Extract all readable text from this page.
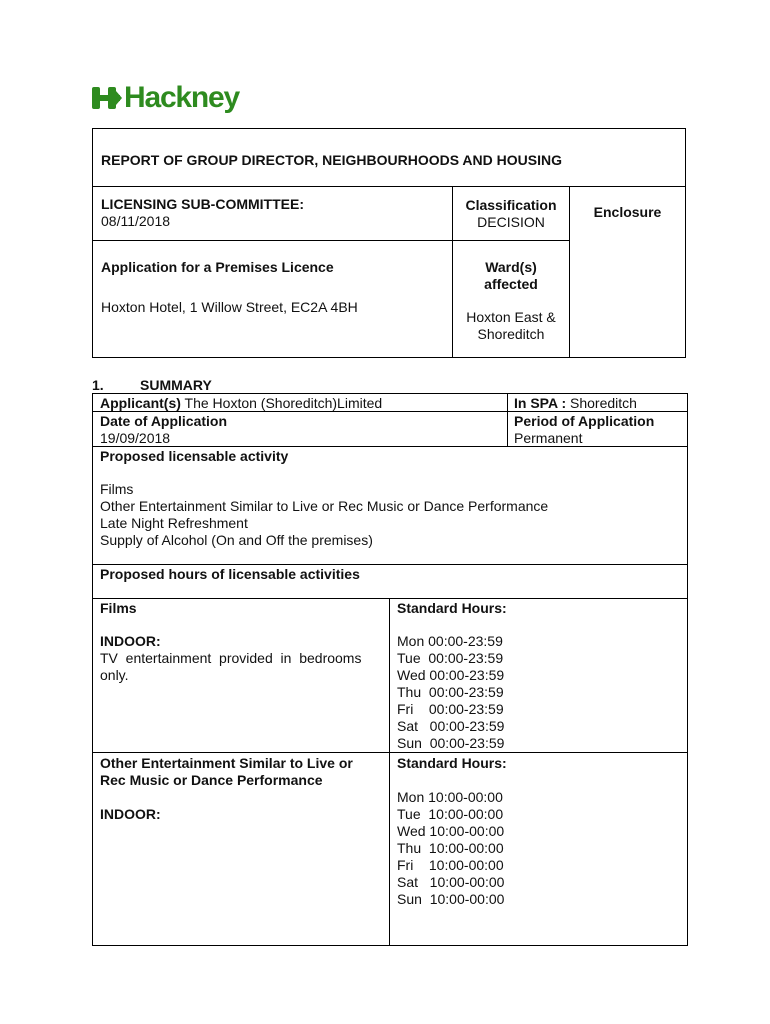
Hackney
REPORT OF GROUP DIRECTOR, NEIGHBOURHOODS AND HOUSING
LICENSING SUB-COMMITTEE:
08/11/2018
Classification
DECISION
Enclosure
Application for a Premises Licence
Hoxton Hotel, 1 Willow Street, EC2A 4BH
Ward(s)
affected
Hoxton East &
Shoreditch
1.	SUMMARY
Applicant(s) The Hoxton (Shoreditch)Limited	In SPA : Shoreditch
Date of Application
19/09/2018
Period of Application
Permanent
Proposed licensable activity
Films
Other Entertainment Similar to Live or Rec Music or Dance Performance
Late Night Refreshment
Supply of Alcohol (On and Off the premises)
Proposed hours of licensable activities
Films
INDOOR:
TV  entertainment  provided  in  bedrooms
only.
Standard Hours:
Mon 00:00-23:59
Tue  00:00-23:59
Wed 00:00-23:59
Thu  00:00-23:59
Fri    00:00-23:59
Sat   00:00-23:59
Sun  00:00-23:59
Other Entertainment Similar to Live or
Rec Music or Dance Performance
INDOOR:
Standard Hours:
Mon 10:00-00:00
Tue  10:00-00:00
Wed 10:00-00:00
Thu  10:00-00:00
Fri    10:00-00:00
Sat   10:00-00:00
Sun  10:00-00:00
